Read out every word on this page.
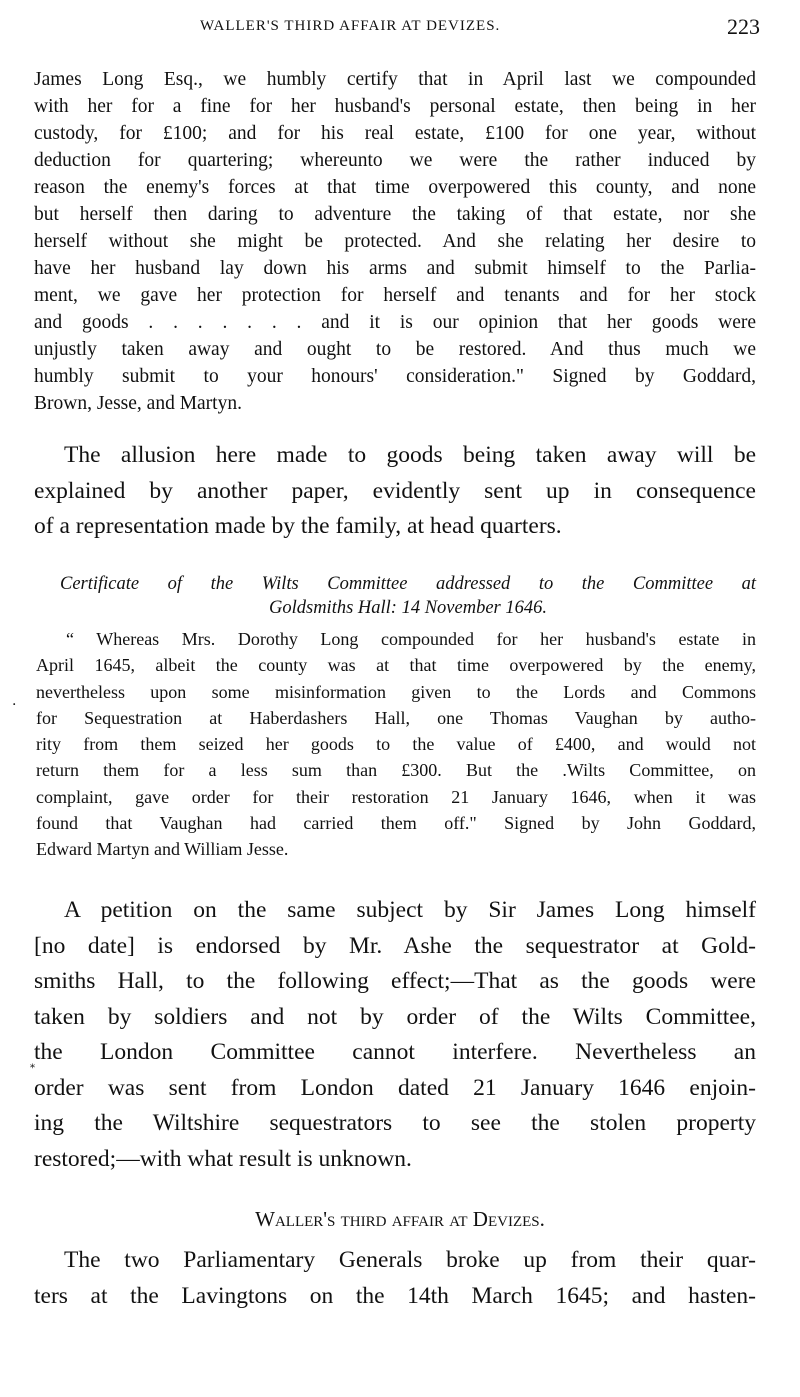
WALLER'S THIRD AFFAIR AT DEVIZES.	223
James Long Esq., we humbly certify that in April last we compounded
with her for a fine for her husband's personal estate, then being in her
custody, for £100; and for his real estate, £100 for one year, without
deduction for quartering; whereunto we were the rather induced by
reason the enemy's forces at that time overpowered this county, and none
but herself then daring to adventure the taking of that estate, nor she
herself without she might be protected. And she relating her desire to
have her husband lay down his arms and submit himself to the Parlia-
ment, we gave her protection for herself and tenants and for her stock
and goods . . . . . . . and it is our opinion that her goods were
unjustly taken away and ought to be restored. And thus much we
humbly submit to your honours' consideration." Signed by Goddard,
Brown, Jesse, and Martyn.
The allusion here made to goods being taken away will be
explained by another paper, evidently sent up in consequence
of a representation made by the family, at head quarters.
Certificate of the Wilts Committee addressed to the Committee at
Goldsmiths Hall: 14 November 1646.
·
“ Whereas Mrs. Dorothy Long compounded for her husband's estate in
April 1645, albeit the county was at that time overpowered by the enemy,
nevertheless upon some misinformation given to the Lords and Commons
for Sequestration at Haberdashers Hall, one Thomas Vaughan by autho-
rity from them seized her goods to the value of £400, and would not
return them for a less sum than £300. But the .Wilts Committee, on
complaint, gave order for their restoration 21 January 1646, when it was
found that Vaughan had carried them off." Signed by John Goddard,
Edward Martyn and William Jesse.
A petition on the same subject by Sir James Long himself
[no date] is endorsed by Mr. Ashe the sequestrator at Gold-
smiths Hall, to the following effect;—That as the goods were
taken by soldiers and not by order of the Wilts Committee,
the London Committee cannot interfere. Nevertheless an
order was sent from London dated 21 January 1646 enjoin-
ing the Wiltshire sequestrators to see the stolen property
restored;—with what result is unknown.
*
Waller's third affair at Devizes.
The two Parliamentary Generals broke up from their quar-
ters at the Lavingtons on the 14th March 1645; and hasten-
